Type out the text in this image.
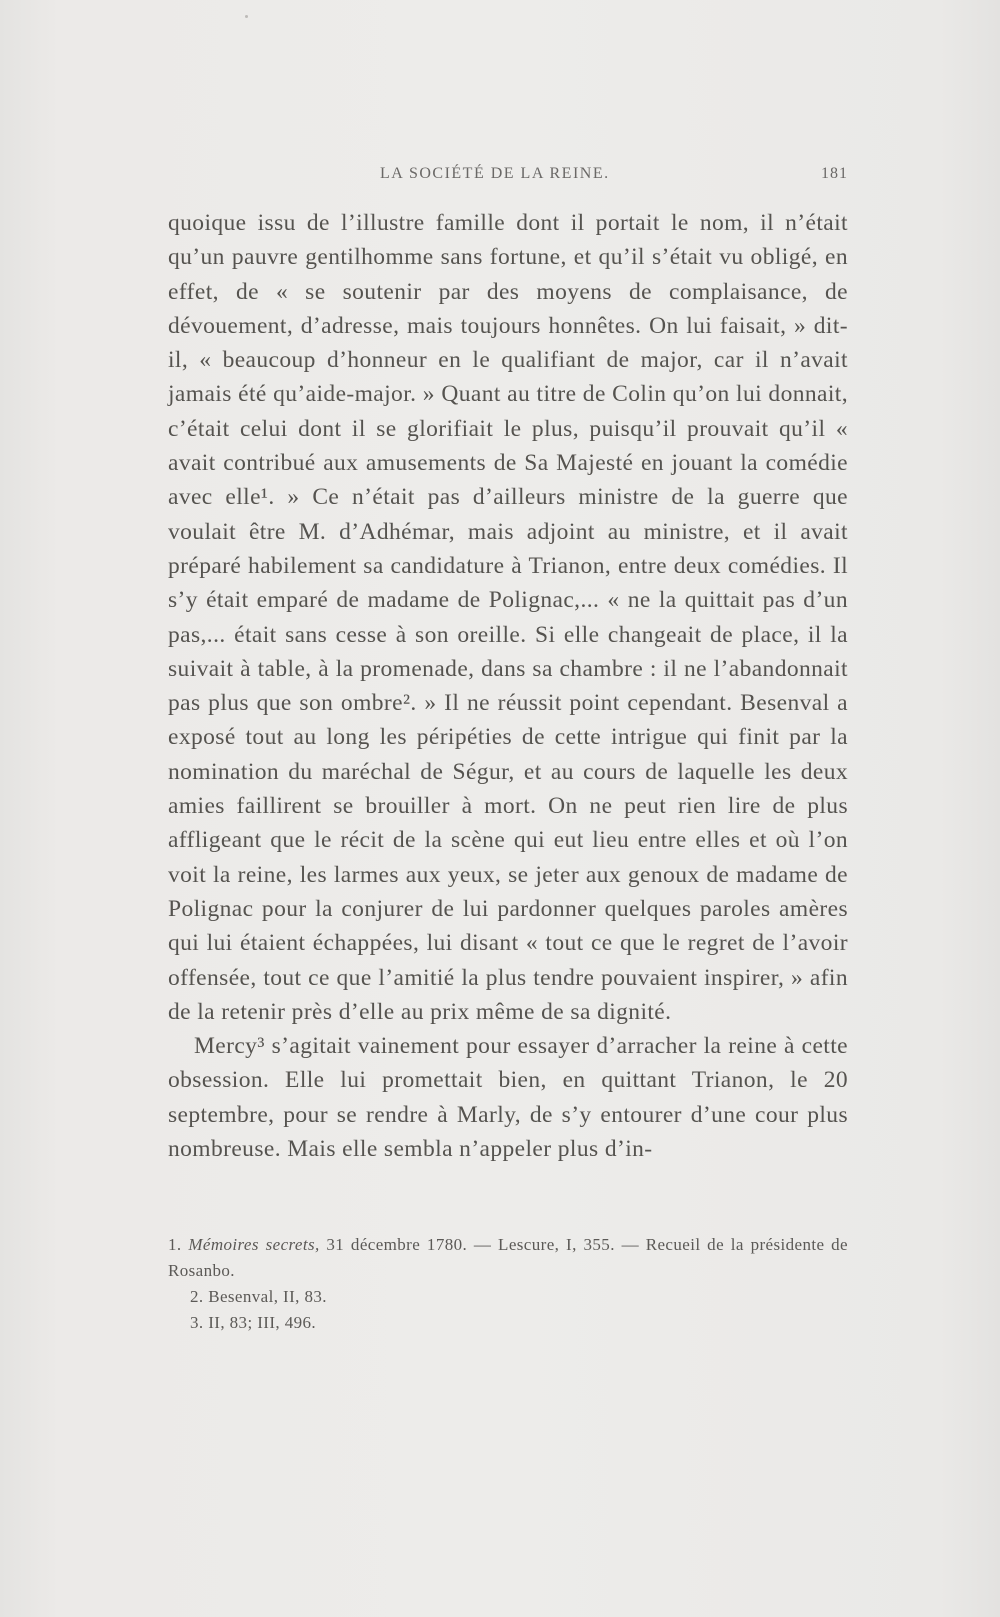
LA SOCIÉTÉ DE LA REINE.	181

quoique issu de l’illustre famille dont il portait le nom, il n’était qu’un pauvre gentilhomme sans fortune, et qu’il s’était vu obligé, en effet, de « se soutenir par des moyens de complaisance, de dévouement, d’adresse, mais toujours honnêtes. On lui faisait, » dit-il, « beaucoup d’honneur en le qualifiant de major, car il n’avait jamais été qu’aide-major. » Quant au titre de Colin qu’on lui donnait, c’était celui dont il se glorifiait le plus, puisqu’il prouvait qu’il « avait contribué aux amusements de Sa Majesté en jouant la comédie avec elle¹. » Ce n’était pas d’ailleurs ministre de la guerre que voulait être M. d’Adhémar, mais adjoint au ministre, et il avait préparé habilement sa candidature à Trianon, entre deux comédies. Il s’y était emparé de madame de Polignac,... « ne la quittait pas d’un pas,... était sans cesse à son oreille. Si elle changeait de place, il la suivait à table, à la promenade, dans sa chambre : il ne l’abandonnait pas plus que son ombre². » Il ne réussit point cependant. Besenval a exposé tout au long les péripéties de cette intrigue qui finit par la nomination du maréchal de Ségur, et au cours de laquelle les deux amies faillirent se brouiller à mort. On ne peut rien lire de plus affligeant que le récit de la scène qui eut lieu entre elles et où l’on voit la reine, les larmes aux yeux, se jeter aux genoux de madame de Polignac pour la conjurer de lui pardonner quelques paroles amères qui lui étaient échappées, lui disant « tout ce que le regret de l’avoir offensée, tout ce que l’amitié la plus tendre pouvaient inspirer, » afin de la retenir près d’elle au prix même de sa dignité.

Mercy³ s’agitait vainement pour essayer d’arracher la reine à cette obsession. Elle lui promettait bien, en quittant Trianon, le 20 septembre, pour se rendre à Marly, de s’y entourer d’une cour plus nombreuse. Mais elle sembla n’appeler plus d’in-

1. Mémoires secrets, 31 décembre 1780. — Lescure, I, 355. — Recueil de la présidente de Rosanbo.

2. Besenval, II, 83.

3. II, 83; III, 496.
